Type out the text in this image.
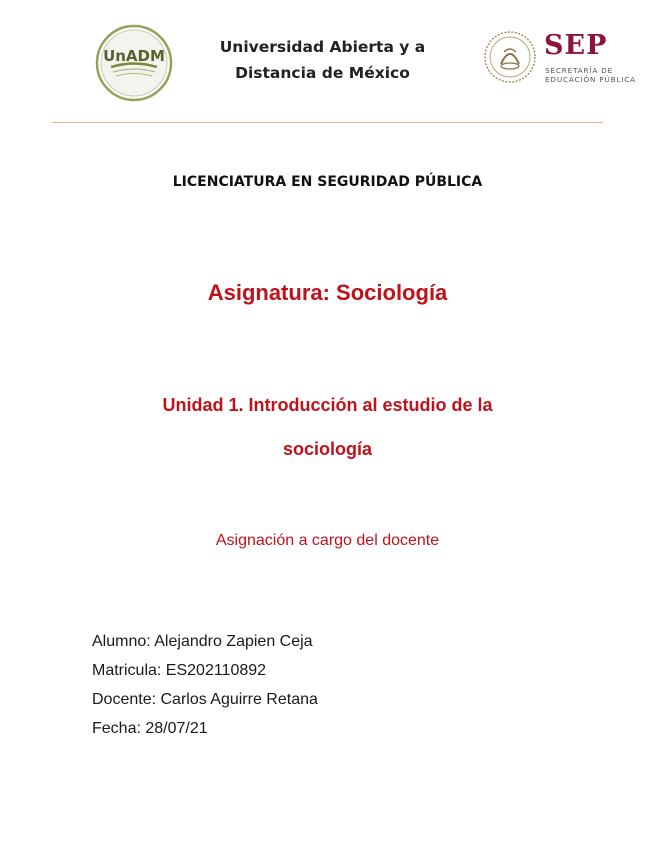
UnADM	Universidad Abierta y a
Distancia de México
SEP
SECRETARÍA DE
EDUCACIÓN PÚBLICA
LICENCIATURA EN SEGURIDAD PÚBLICA
Asignatura: Sociología
Unidad 1. Introducción al estudio de la
sociología
Asignación a cargo del docente
Alumno: Alejandro Zapien Ceja
Matricula: ES202110892
Docente: Carlos Aguirre Retana
Fecha: 28/07/21
